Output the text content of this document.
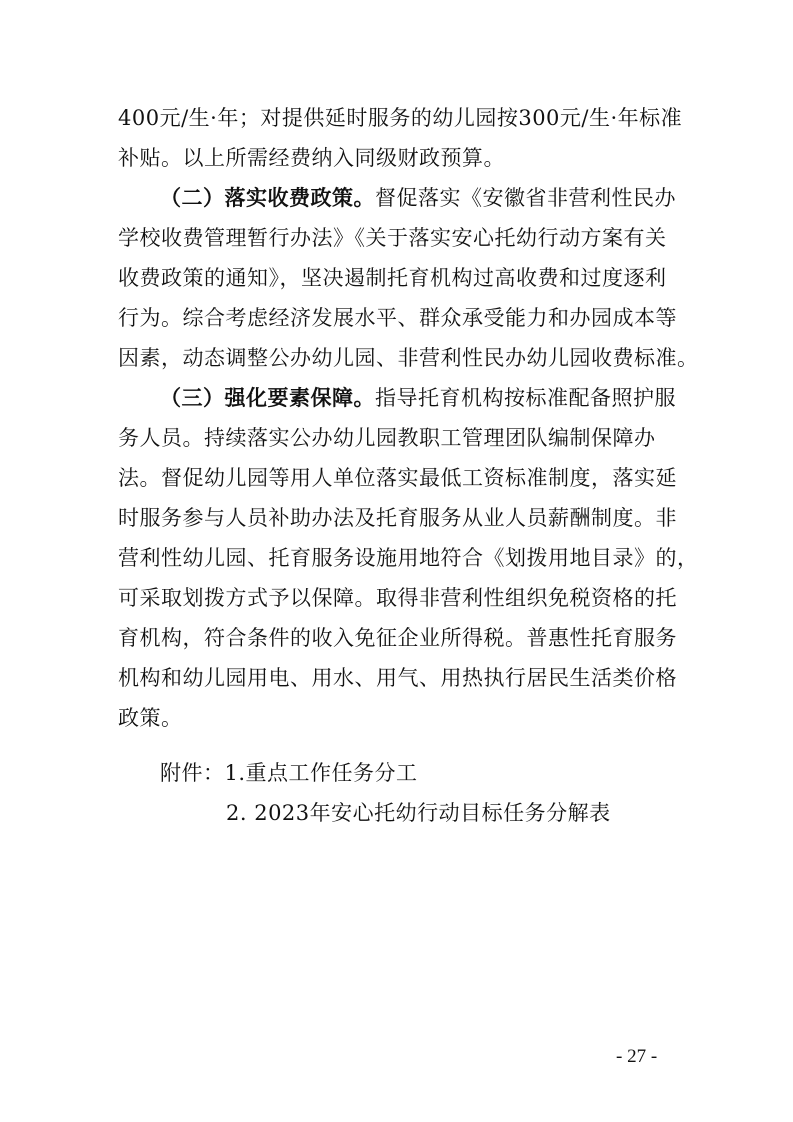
400元/生·年；对提供延时服务的幼儿园按300元/生·年标准
补贴。以上所需经费纳入同级财政预算。
（二）落实收费政策。督促落实《安徽省非营利性民办
学校收费管理暂行办法》《关于落实安心托幼行动方案有关
收费政策的通知》，坚决遏制托育机构过高收费和过度逐利
行为。综合考虑经济发展水平、群众承受能力和办园成本等
因素，动态调整公办幼儿园、非营利性民办幼儿园收费标准。
（三）强化要素保障。指导托育机构按标准配备照护服
务人员。持续落实公办幼儿园教职工管理团队编制保障办
法。督促幼儿园等用人单位落实最低工资标准制度，落实延
时服务参与人员补助办法及托育服务从业人员薪酬制度。非
营利性幼儿园、托育服务设施用地符合《划拨用地目录》的，
可采取划拨方式予以保障。取得非营利性组织免税资格的托
育机构，符合条件的收入免征企业所得税。普惠性托育服务
机构和幼儿园用电、用水、用气、用热执行居民生活类价格
政策。
附件：1.重点工作任务分工
2. 2023年安心托幼行动目标任务分解表
- 27 -
